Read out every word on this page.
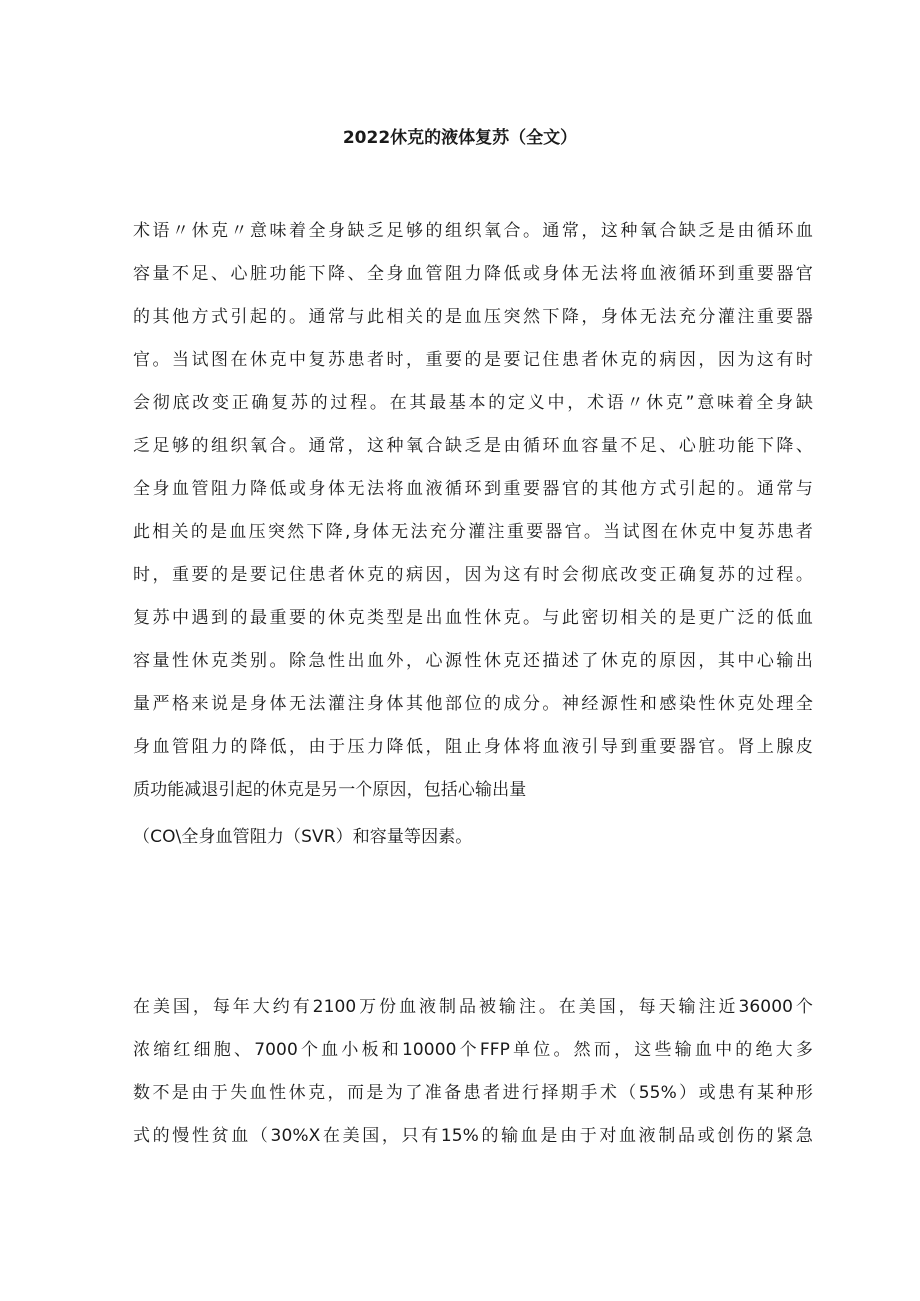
2022休克的液体复苏（全文）

术语〃休克〃意味着全身缺乏足够的组织氧合。通常，这种氧合缺乏是由循环血

容量不足、心脏功能下降、全身血管阻力降低或身体无法将血液循环到重要器官

的其他方式引起的。通常与此相关的是血压突然下降，身体无法充分灌注重要器

官。当试图在休克中复苏患者时，重要的是要记住患者休克的病因，因为这有时

会彻底改变正确复苏的过程。在其最基本的定义中，术语〃休克”意味着全身缺

乏足够的组织氧合。通常，这种氧合缺乏是由循环血容量不足、心脏功能下降、

全身血管阻力降低或身体无法将血液循环到重要器官的其他方式引起的。通常与

此相关的是血压突然下降,身体无法充分灌注重要器官。当试图在休克中复苏患者

时，重要的是要记住患者休克的病因，因为这有时会彻底改变正确复苏的过程。

复苏中遇到的最重要的休克类型是出血性休克。与此密切相关的是更广泛的低血

容量性休克类别。除急性出血外，心源性休克还描述了休克的原因，其中心输出

量严格来说是身体无法灌注身体其他部位的成分。神经源性和感染性休克处理全

身血管阻力的降低，由于压力降低，阻止身体将血液引导到重要器官。肾上腺皮

质功能减退引起的休克是另一个原因，包括心输出量

（CO\全身血管阻力（SVR）和容量等因素。

在美国，每年大约有2100万份血液制品被输注。在美国，每天输注近36000个

浓缩红细胞、7000个血小板和10000个FFP单位。然而，这些输血中的绝大多

数不是由于失血性休克，而是为了准备患者进行择期手术（55%）或患有某种形

式的慢性贫血（30%X在美国，只有15%的输血是由于对血液制品或创伤的紧急
